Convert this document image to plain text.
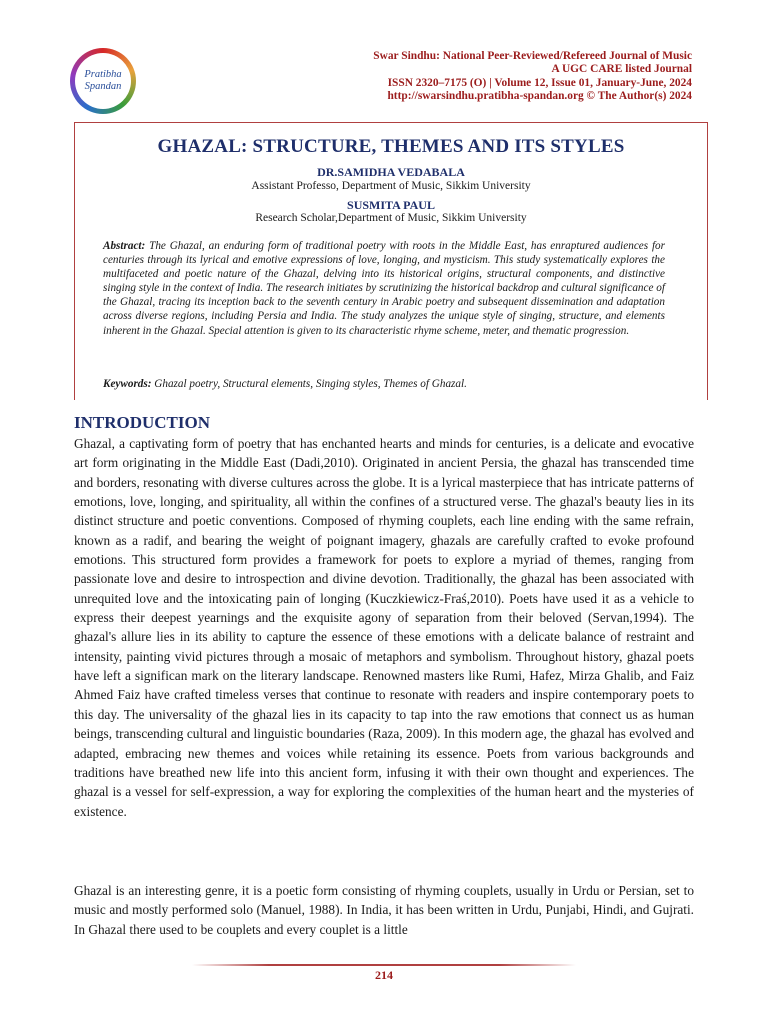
Pratibha
Spandan
Swar Sindhu: National Peer-Reviewed/Refereed Journal of Music
A UGC CARE listed Journal
ISSN 2320–7175 (O) | Volume 12, Issue 01, January-June, 2024
http://swarsindhu.pratibha-spandan.org © The Author(s) 2024
GHAZAL: STRUCTURE, THEMES AND ITS STYLES
DR.SAMIDHA VEDABALA
Assistant Professo, Department of Music, Sikkim University
SUSMITA PAUL
Research Scholar,Department of Music, Sikkim University
Abstract: The Ghazal, an enduring form of traditional poetry with roots in the Middle East, has enraptured audiences for centuries through its lyrical and emotive expressions of love, longing, and mysticism. This study systematically explores the multifaceted and poetic nature of the Ghazal, delving into its historical origins, structural components, and distinctive singing style in the context of India. The research initiates by scrutinizing the historical backdrop and cultural significance of the Ghazal, tracing its inception back to the seventh century in Arabic poetry and subsequent dissemination and adaptation across diverse regions, including Persia and India. The study analyzes the unique style of singing, structure, and elements inherent in the Ghazal. Special attention is given to its characteristic rhyme scheme, meter, and thematic progression.
Keywords: Ghazal poetry, Structural elements, Singing styles, Themes of Ghazal.
INTRODUCTION
Ghazal, a captivating form of poetry that has enchanted hearts and minds for centuries, is a delicate and evocative art form originating in the Middle East (Dadi,2010). Originated in ancient Persia, the ghazal has transcended time and borders, resonating with diverse cultures across the globe. It is a lyrical masterpiece that has intricate patterns of emotions, love, longing, and spirituality, all within the confines of a structured verse. The ghazal's beauty lies in its distinct structure and poetic conventions. Composed of rhyming couplets, each line ending with the same refrain, known as a radif, and bearing the weight of poignant imagery, ghazals are carefully crafted to evoke profound emotions. This structured form provides a framework for poets to explore a myriad of themes, ranging from passionate love and desire to introspection and divine devotion. Traditionally, the ghazal has been associated with unrequited love and the intoxicating pain of longing (Kuczkiewicz-Fraś,2010). Poets have used it as a vehicle to express their deepest yearnings and the exquisite agony of separation from their beloved (Servan,1994). The ghazal's allure lies in its ability to capture the essence of these emotions with a delicate balance of restraint and intensity, painting vivid pictures through a mosaic of metaphors and symbolism. Throughout history, ghazal poets have left a significan mark on the literary landscape. Renowned masters like Rumi, Hafez, Mirza Ghalib, and Faiz Ahmed Faiz have crafted timeless verses that continue to resonate with readers and inspire contemporary poets to this day. The universality of the ghazal lies in its capacity to tap into the raw emotions that connect us as human beings, transcending cultural and linguistic boundaries (Raza, 2009). In this modern age, the ghazal has evolved and adapted, embracing new themes and voices while retaining its essence. Poets from various backgrounds and traditions have breathed new life into this ancient form, infusing it with their own thought and experiences. The ghazal is a vessel for self-expression, a way for exploring the complexities of the human heart and the mysteries of existence.
Ghazal is an interesting genre, it is a poetic form consisting of rhyming couplets, usually in Urdu or Persian, set to music and mostly performed solo (Manuel, 1988). In India, it has been written in Urdu, Punjabi, Hindi, and Gujrati. In Ghazal there used to be couplets and every couplet is a little
214
